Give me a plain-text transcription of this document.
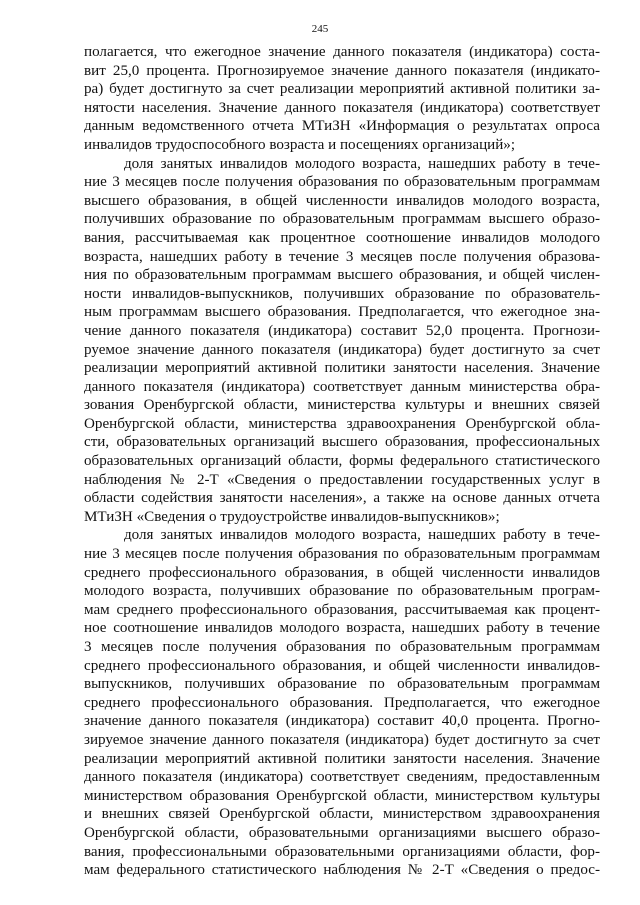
245
полагается, что ежегодное значение данного показателя (индикатора) соста-
вит 25,0 процента. Прогнозируемое значение данного показателя (индикато-
ра) будет достигнуто за счет реализации мероприятий активной политики за-
нятости населения. Значение данного показателя (индикатора) соответствует
данным ведомственного отчета МТиЗН «Информация о результатах опроса
инвалидов трудоспособного возраста и посещениях организаций»;
доля занятых инвалидов молодого возраста, нашедших работу в тече-
ние 3 месяцев после получения образования по образовательным программам
высшего образования, в общей численности инвалидов молодого возраста,
получивших образование по образовательным программам высшего образо-
вания, рассчитываемая как процентное соотношение инвалидов молодого
возраста, нашедших работу в течение 3 месяцев после получения образова-
ния по образовательным программам высшего образования, и общей числен-
ности инвалидов-выпускников, получивших образование по образователь-
ным программам высшего образования. Предполагается, что ежегодное зна-
чение данного показателя (индикатора) составит 52,0 процента. Прогнози-
руемое значение данного показателя (индикатора) будет достигнуто за счет
реализации мероприятий активной политики занятости населения. Значение
данного показателя (индикатора) соответствует данным министерства обра-
зования Оренбургской области, министерства культуры и внешних связей
Оренбургской области, министерства здравоохранения Оренбургской обла-
сти, образовательных организаций высшего образования, профессиональных
образовательных организаций области, формы федерального статистического
наблюдения № 2-Т «Сведения о предоставлении государственных услуг в
области содействия занятости населения», а также на основе данных отчета
МТиЗН «Сведения о трудоустройстве инвалидов-выпускников»;
доля занятых инвалидов молодого возраста, нашедших работу в тече-
ние 3 месяцев после получения образования по образовательным программам
среднего профессионального образования, в общей численности инвалидов
молодого возраста, получивших образование по образовательным програм-
мам среднего профессионального образования, рассчитываемая как процент-
ное соотношение инвалидов молодого возраста, нашедших работу в течение
3 месяцев после получения образования по образовательным программам
среднего профессионального образования, и общей численности инвалидов-
выпускников, получивших образование по образовательным программам
среднего профессионального образования. Предполагается, что ежегодное
значение данного показателя (индикатора) составит 40,0 процента. Прогно-
зируемое значение данного показателя (индикатора) будет достигнуто за счет
реализации мероприятий активной политики занятости населения. Значение
данного показателя (индикатора) соответствует сведениям, предоставленным
министерством образования Оренбургской области, министерством культуры
и внешних связей Оренбургской области, министерством здравоохранения
Оренбургской области, образовательными организациями высшего образо-
вания, профессиональными образовательными организациями области, фор-
мам федерального статистического наблюдения № 2-Т «Сведения о предос-
